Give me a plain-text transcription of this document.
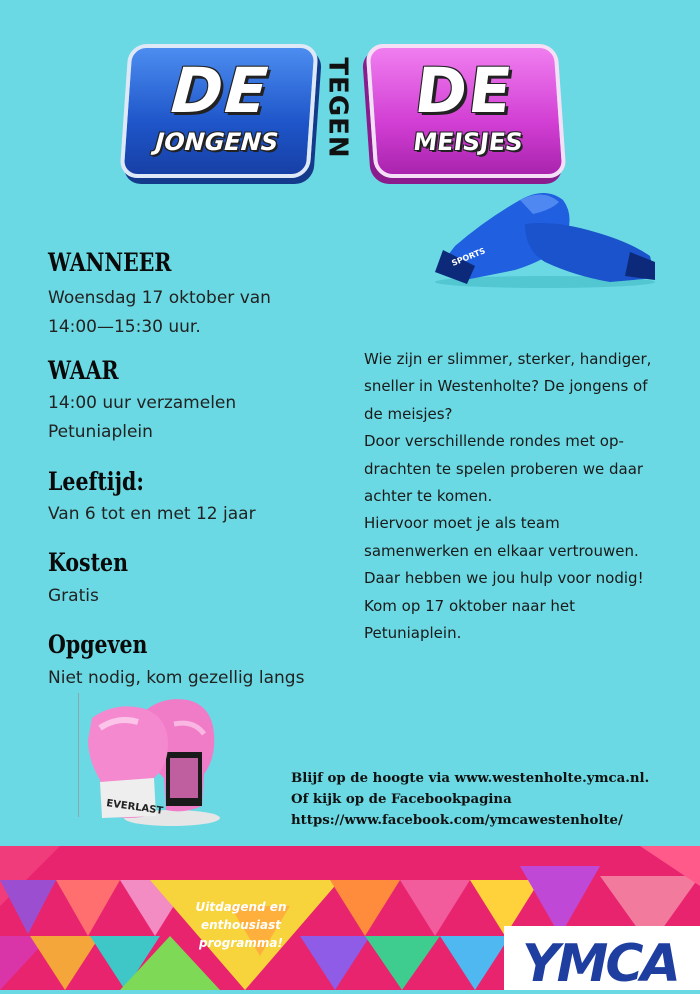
DE
JONGENS	TEGEN DE
MEISJES
SPORTS
WANNEER
Woensdag 17 oktober van
14:00—15:30 uur.
WAAR
14:00 uur verzamelen
Petuniaplein
Leeftijd:
Van 6 tot en met 12 jaar
Kosten
Gratis
Opgeven
Niet nodig, kom gezellig langs
Wie zijn er slimmer, sterker, handiger,
sneller in Westenholte? De jongens of
de meisjes?
Door verschillende rondes met op-
drachten te spelen proberen we daar
achter te komen.
Hiervoor moet je als team
samenwerken en elkaar vertrouwen.
Daar hebben we jou hulp voor nodig!
Kom op 17 oktober naar het
Petuniaplein.
EVERLAST
Blijf op de hoogte via www.westenholte.ymca.nl.
Of kijk op de Facebookpagina
https://www.facebook.com/ymcawestenholte/
Uitdagend en
enthousiast
programma!	YMCA
